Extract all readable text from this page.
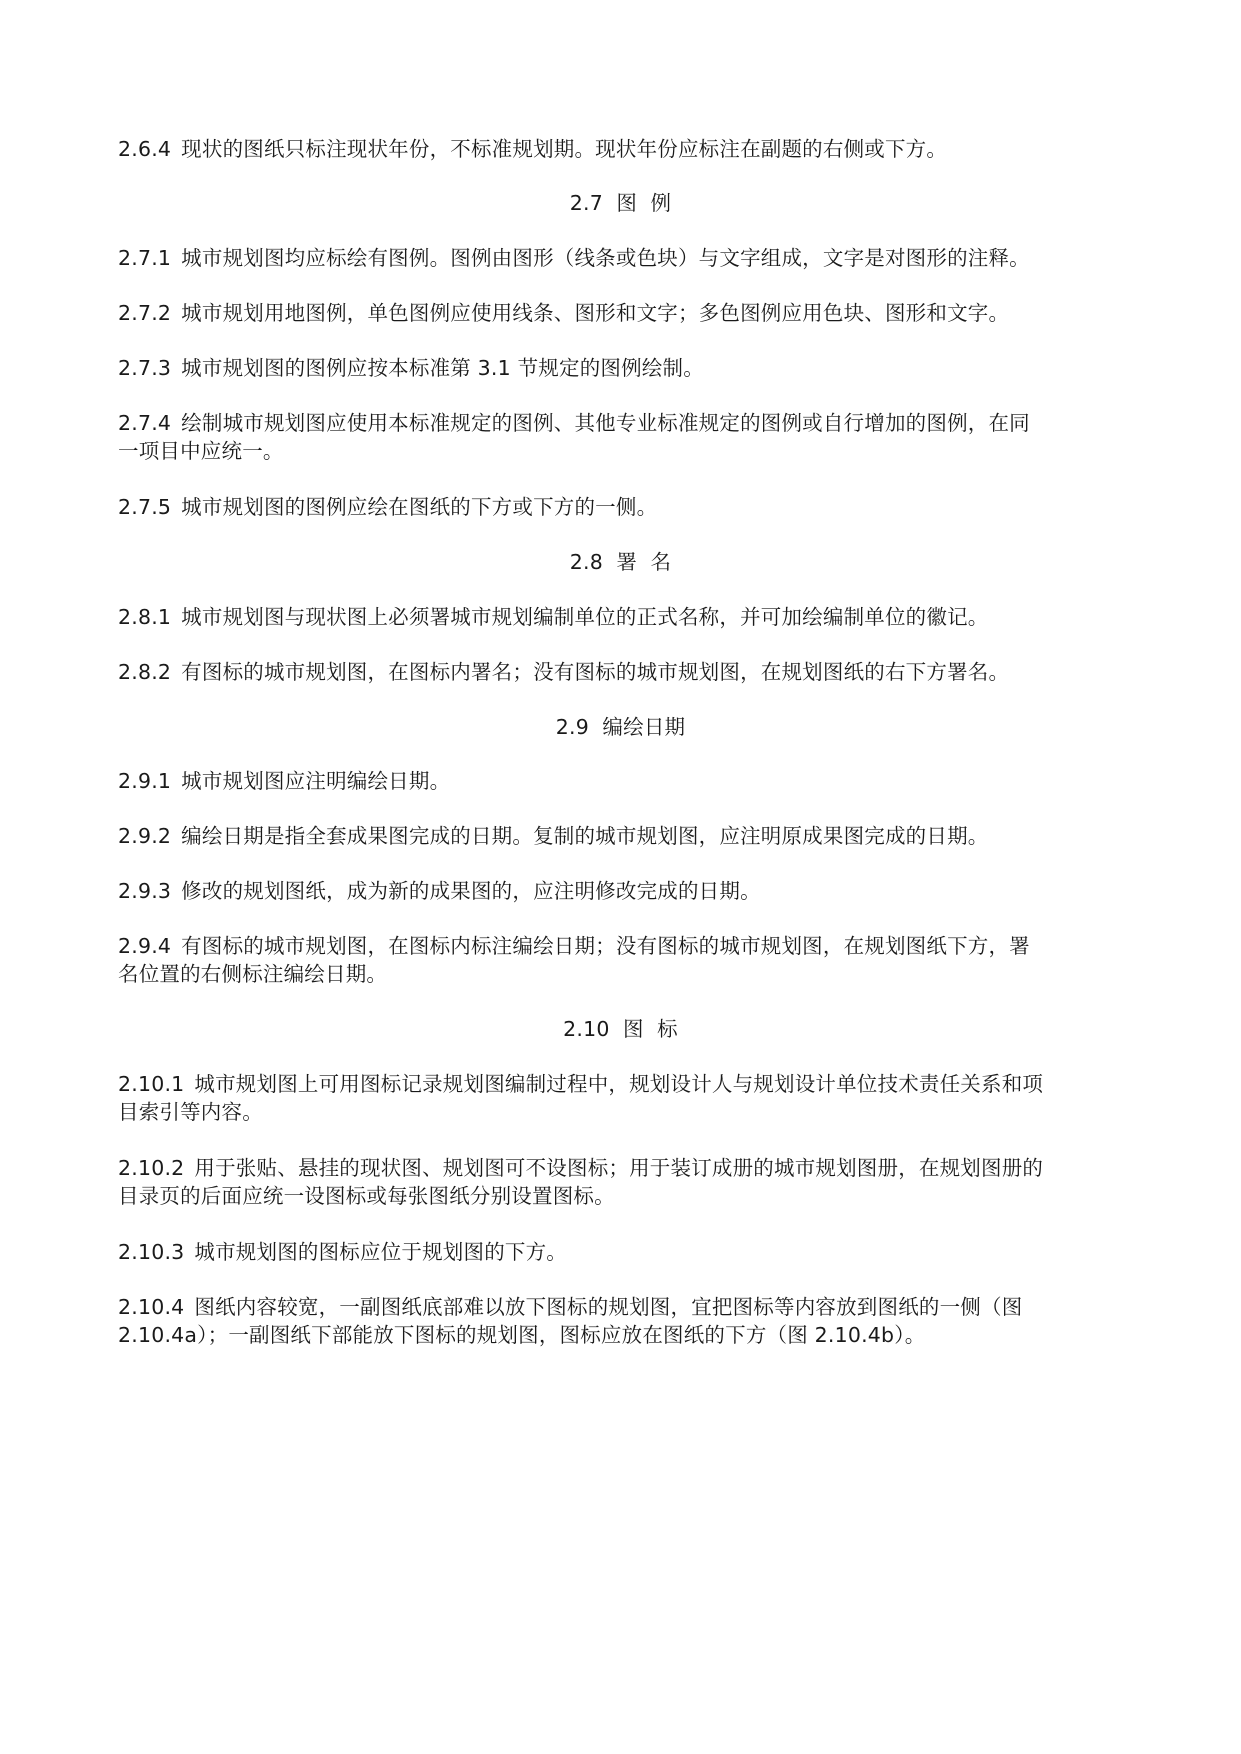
2.6.4 现状的图纸只标注现状年份，不标准规划期。现状年份应标注在副题的右侧或下方。
2.7  图  例
2.7.1 城市规划图均应标绘有图例。图例由图形（线条或色块）与文字组成，文字是对图形的注释。
2.7.2 城市规划用地图例，单色图例应使用线条、图形和文字；多色图例应用色块、图形和文字。
2.7.3 城市规划图的图例应按本标准第 3.1 节规定的图例绘制。
2.7.4 绘制城市规划图应使用本标准规定的图例、其他专业标准规定的图例或自行增加的图例，在同
一项目中应统一。
2.7.5 城市规划图的图例应绘在图纸的下方或下方的一侧。
2.8  署  名
2.8.1 城市规划图与现状图上必须署城市规划编制单位的正式名称，并可加绘编制单位的徽记。
2.8.2 有图标的城市规划图，在图标内署名；没有图标的城市规划图，在规划图纸的右下方署名。
2.9  编绘日期
2.9.1 城市规划图应注明编绘日期。
2.9.2 编绘日期是指全套成果图完成的日期。复制的城市规划图，应注明原成果图完成的日期。
2.9.3 修改的规划图纸，成为新的成果图的，应注明修改完成的日期。
2.9.4 有图标的城市规划图，在图标内标注编绘日期；没有图标的城市规划图，在规划图纸下方，署
名位置的右侧标注编绘日期。
2.10  图  标
2.10.1 城市规划图上可用图标记录规划图编制过程中，规划设计人与规划设计单位技术责任关系和项
目索引等内容。
2.10.2 用于张贴、悬挂的现状图、规划图可不设图标；用于装订成册的城市规划图册，在规划图册的
目录页的后面应统一设图标或每张图纸分别设置图标。
2.10.3 城市规划图的图标应位于规划图的下方。
2.10.4 图纸内容较宽，一副图纸底部难以放下图标的规划图，宜把图标等内容放到图纸的一侧（图
2.10.4a）；一副图纸下部能放下图标的规划图，图标应放在图纸的下方（图 2.10.4b）。
